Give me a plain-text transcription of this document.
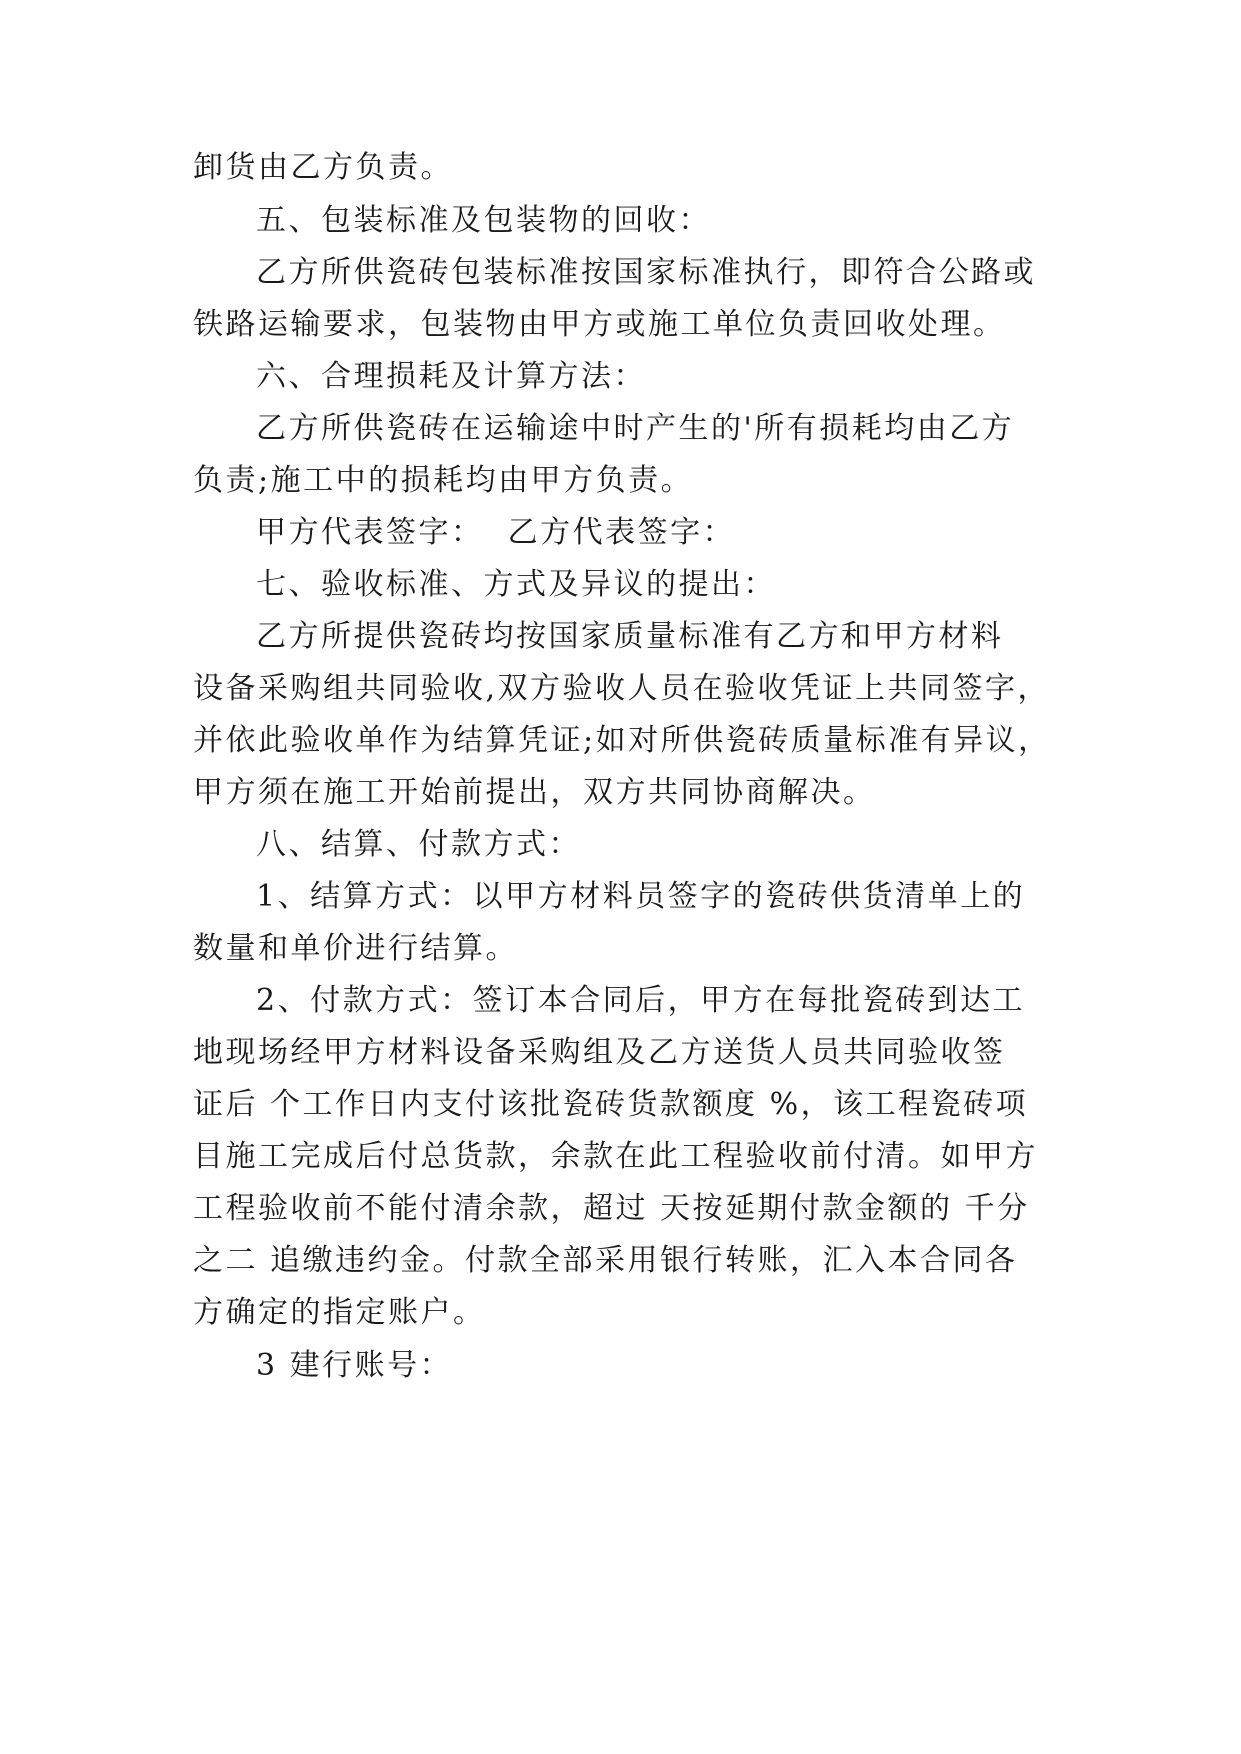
卸货由乙方负责。
五、包装标准及包装物的回收：
乙方所供瓷砖包装标准按国家标准执行，即符合公路或
铁路运输要求，包装物由甲方或施工单位负责回收处理。
六、合理损耗及计算方法：
乙方所供瓷砖在运输途中时产生的'所有损耗均由乙方
负责;施工中的损耗均由甲方负责。
甲方代表签字：  乙方代表签字：
七、验收标准、方式及异议的提出：
乙方所提供瓷砖均按国家质量标准有乙方和甲方材料
设备采购组共同验收,双方验收人员在验收凭证上共同签字，
并依此验收单作为结算凭证;如对所供瓷砖质量标准有异议，
甲方须在施工开始前提出，双方共同协商解决。
八、结算、付款方式：
1、结算方式：以甲方材料员签字的瓷砖供货清单上的
数量和单价进行结算。
2、付款方式：签订本合同后，甲方在每批瓷砖到达工
地现场经甲方材料设备采购组及乙方送货人员共同验收签
证后 个工作日内支付该批瓷砖货款额度 %，该工程瓷砖项
目施工完成后付总货款，余款在此工程验收前付清。如甲方
工程验收前不能付清余款，超过 天按延期付款金额的 千分
之二 追缴违约金。付款全部采用银行转账，汇入本合同各
方确定的指定账户。
3 建行账号：
